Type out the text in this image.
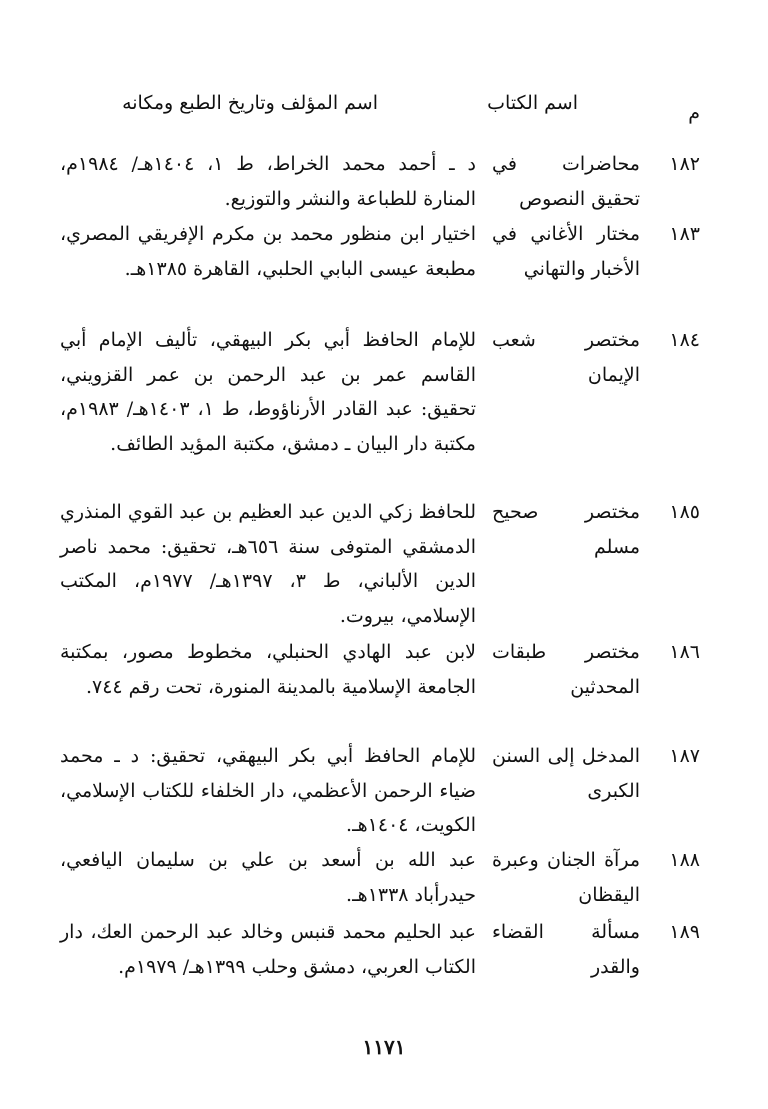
م
اسم الكتاب
اسم المؤلف وتاريخ الطبع ومكانه
١٨٢
محاضرات في تحقيق النصوص
د ـ أحمد محمد الخراط، ط ١، ١٤٠٤هـ/ ١٩٨٤م، المنارة للطباعة والنشر والتوزيع.
١٨٣
مختار الأغاني في الأخبار والتهاني
اختيار ابن منظور محمد بن مكرم الإفريقي المصري، مطبعة عيسى البابي الحلبي، القاهرة ١٣٨٥هـ.
١٨٤
مختصر شعب الإيمان
للإمام الحافظ أبي بكر البيهقي، تأليف الإمام أبي القاسم عمر بن عبد الرحمن بن عمر القزويني، تحقيق: عبد القادر الأرناؤوط، ط ١، ١٤٠٣هـ/ ١٩٨٣م، مكتبة دار البيان ـ دمشق، مكتبة المؤيد الطائف.
١٨٥
مختصر صحيح مسلم
للحافظ زكي الدين عبد العظيم بن عبد القوي المنذري الدمشقي المتوفى سنة ٦٥٦هـ، تحقيق: محمد ناصر الدين الألباني، ط ٣، ١٣٩٧هـ/ ١٩٧٧م، المكتب الإسلامي، بيروت.
١٨٦
مختصر طبقات المحدثين
لابن عبد الهادي الحنبلي، مخطوط مصور، بمكتبة الجامعة الإسلامية بالمدينة المنورة، تحت رقم ٧٤٤.
١٨٧
المدخل إلى السنن الكبرى
للإمام الحافظ أبي بكر البيهقي، تحقيق: د ـ محمد ضياء الرحمن الأعظمي، دار الخلفاء للكتاب الإسلامي، الكويت، ١٤٠٤هـ.
١٨٨
مرآة الجنان وعبرة اليقظان
عبد الله بن أسعد بن علي بن سليمان اليافعي، حيدرأباد ١٣٣٨هـ.
١٨٩
مسألة القضاء والقدر
عبد الحليم محمد قنبس وخالد عبد الرحمن العك، دار الكتاب العربي، دمشق وحلب ١٣٩٩هـ/ ١٩٧٩م.
١١٧١
